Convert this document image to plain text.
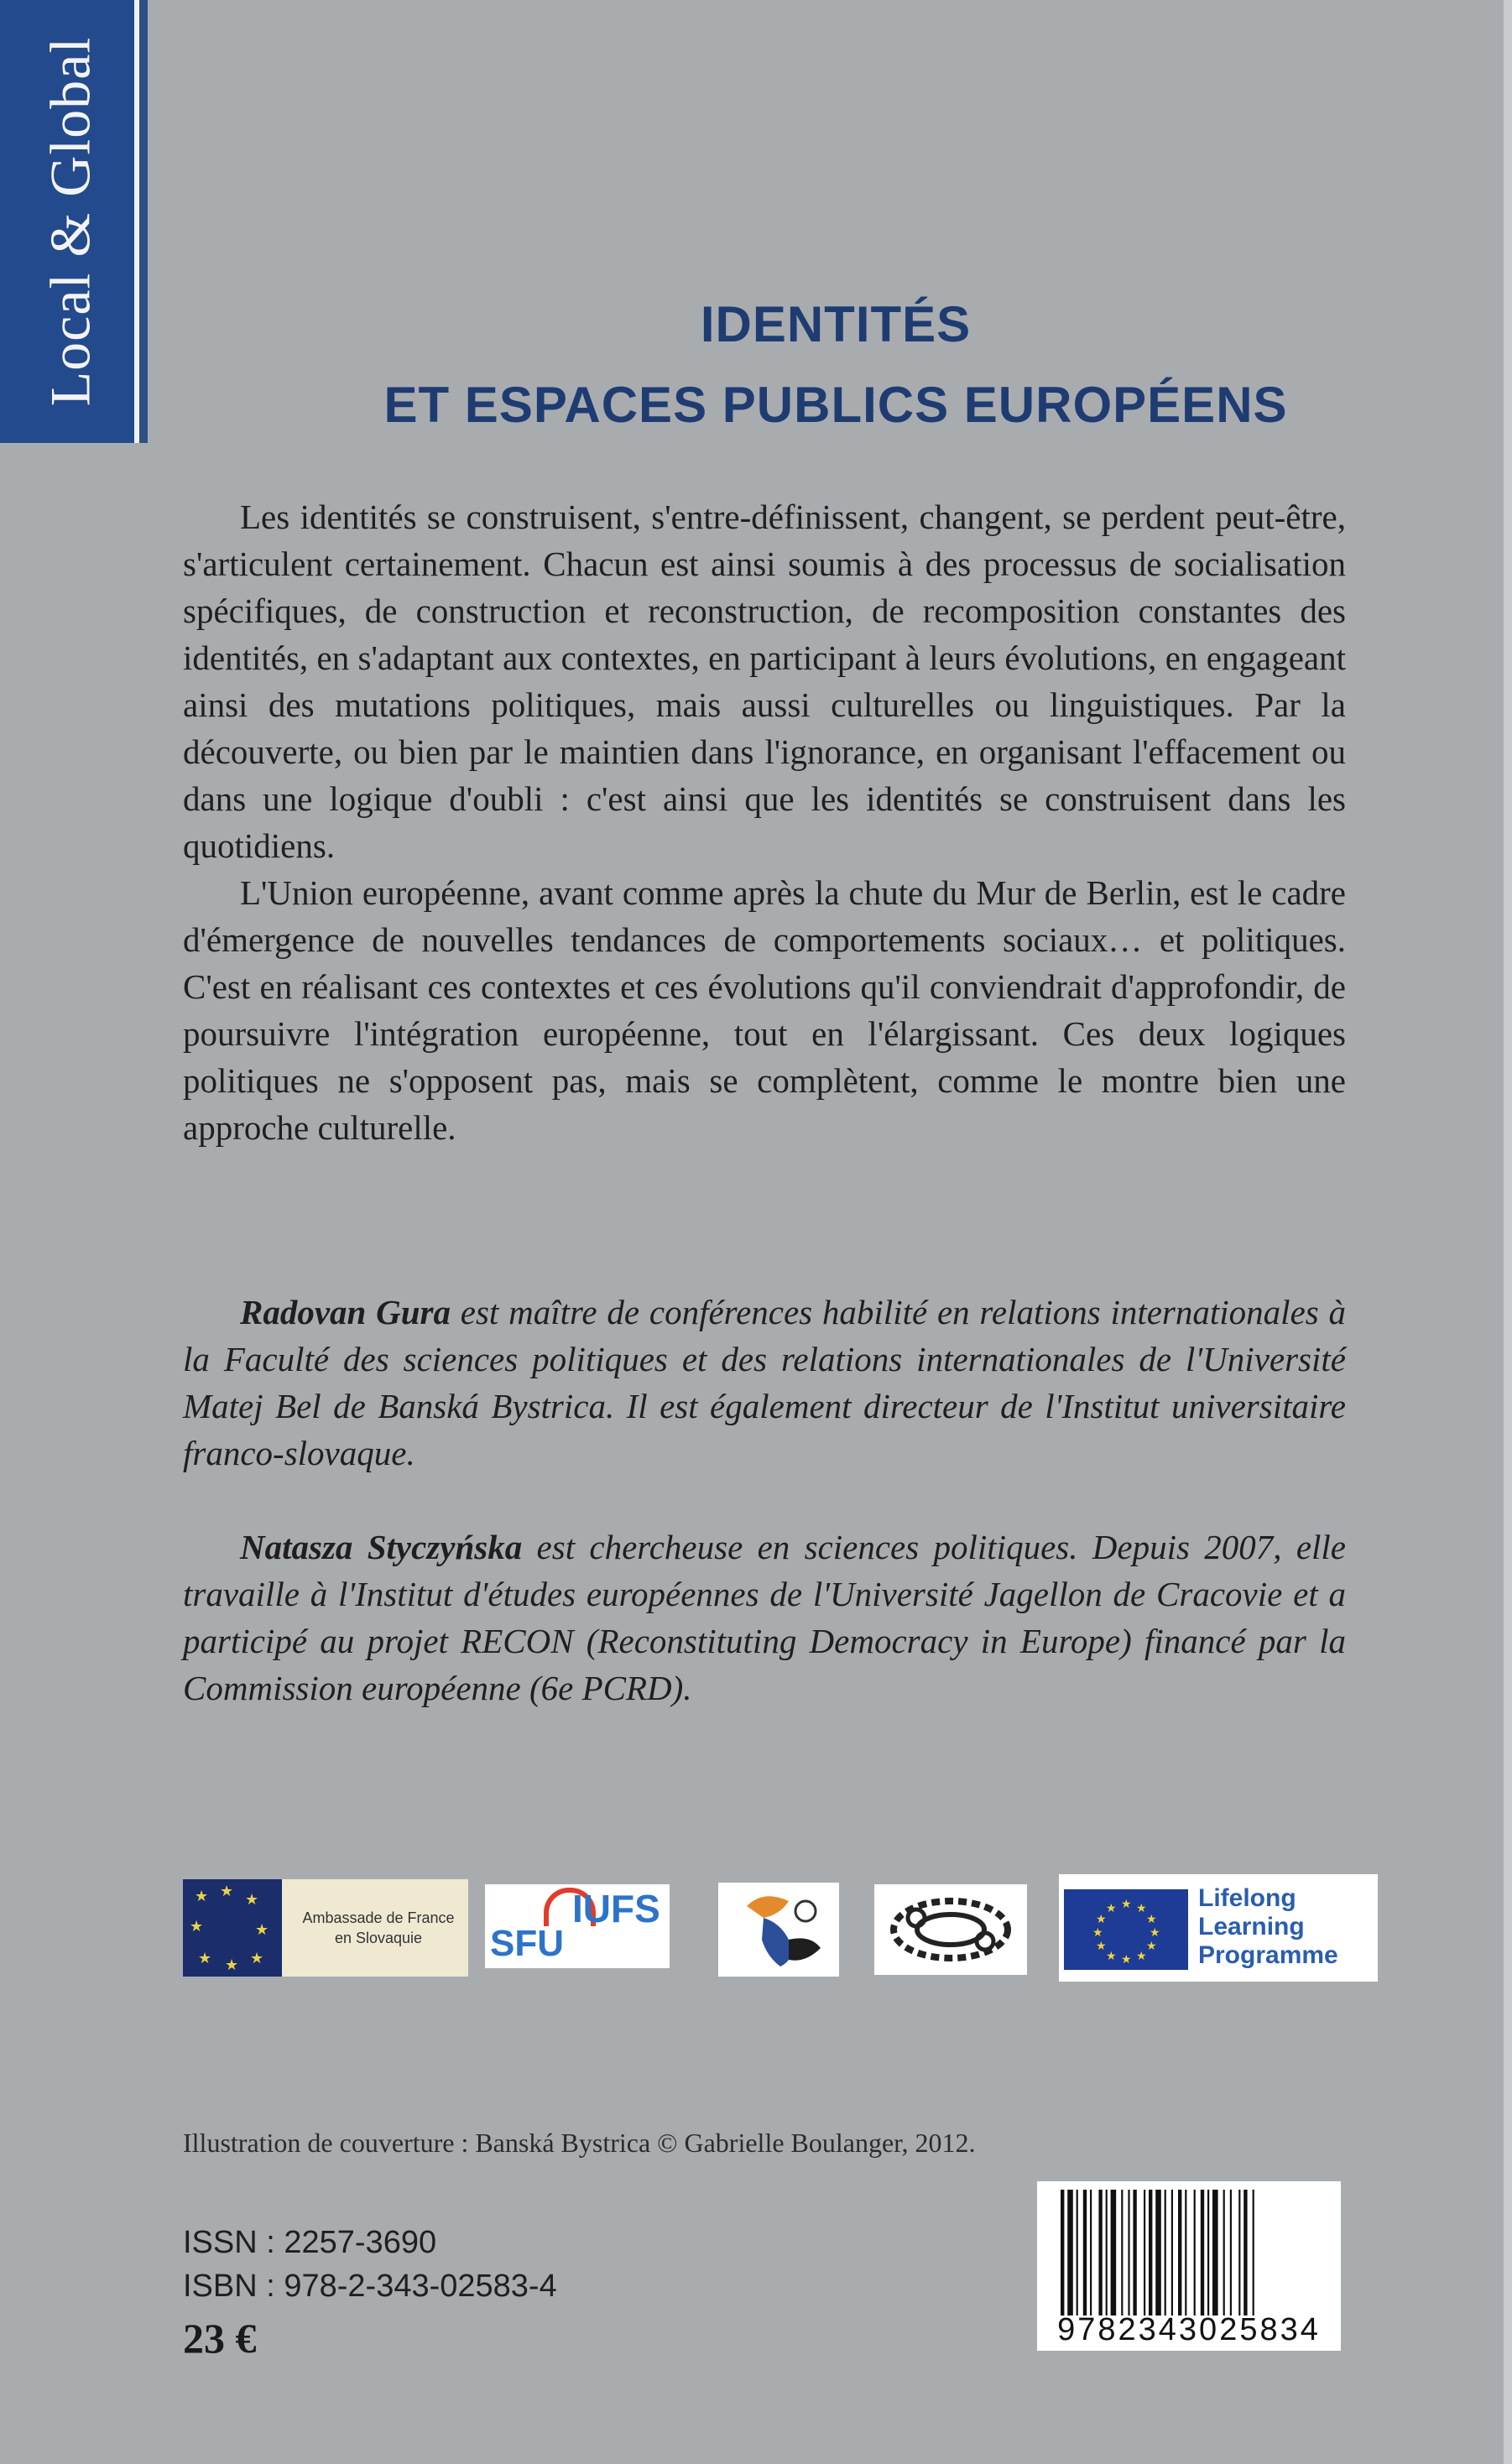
Local & Global	IDENTITÉS
ET ESPACES PUBLICS EUROPÉENS

Les identités se construisent, s'entre-définissent, changent, se perdent peut-être, s'articulent certainement. Chacun est ainsi soumis à des processus de socialisation spécifiques, de construction et reconstruction, de recomposition constantes des identités, en s'adaptant aux contextes, en participant à leurs évolutions, en engageant ainsi des mutations politiques, mais aussi culturelles ou linguistiques. Par la découverte, ou bien par le maintien dans l'ignorance, en organisant l'effacement ou dans une logique d'oubli : c'est ainsi que les identités se construisent dans les quotidiens.

L'Union européenne, avant comme après la chute du Mur de Berlin, est le cadre d'émergence de nouvelles tendances de comportements sociaux… et politiques. C'est en réalisant ces contextes et ces évolutions qu'il conviendrait d'approfondir, de poursuivre l'intégration européenne, tout en l'élargissant. Ces deux logiques politiques ne s'opposent pas, mais se complètent, comme le montre bien une approche culturelle.

Radovan Gura est maître de conférences habilité en relations internationales à la Faculté des sciences politiques et des relations internationales de l'Université Matej Bel de Banská Bystrica. Il est également directeur de l'Institut universitaire franco-slovaque.

Natasza Styczyńska est chercheuse en sciences politiques. Depuis 2007, elle travaille à l'Institut d'études européennes de l'Université Jagellon de Cracovie et a participé au projet RECON (Reconstituting Democracy in Europe) financé par la Commission européenne (6e PCRD).

★ ★ ★
★	★
★ ★ ★
Ambassade de France en Slovaquie	SFU
IUFS	★ ★
★
★
★
★
★
★
★
★
★
★	Lifelong
Learning
Programme
Illustration de couverture : Banská Bystrica © Gabrielle Boulanger, 2012.
ISSN : 2257-3690
ISBN : 978-2-343-02583-4
23 €	9782343025834
